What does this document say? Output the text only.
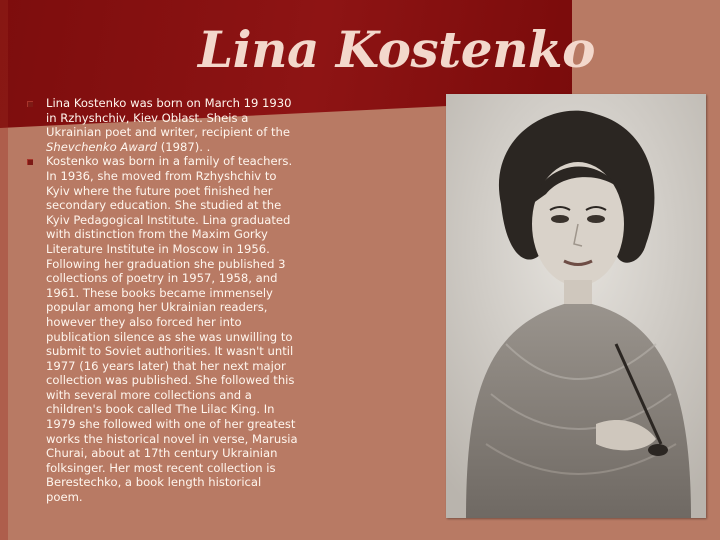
Lina Kostenko
Lina Kostenko was born on March 19 1930 in Rzhyshchiv, Kiev Oblast. Sheis a Ukrainian poet and writer, recipient of the Shevchenko Award (1987). .
Kostenko was born in a family of teachers. In 1936, she moved from Rzhyshchiv to Kyiv where the future poet finished her secondary education. She studied at the Kyiv Pedagogical Institute. Lina graduated with distinction from the Maxim Gorky Literature Institute in Moscow in 1956. Following her graduation she published 3 collections of poetry in 1957, 1958, and 1961. These books became immensely popular among her Ukrainian readers, however they also forced her into publication silence as she was unwilling to submit to Soviet authorities. It wasn't until 1977 (16 years later) that her next major collection was published. She followed this with several more collections and a children's book called The Lilac King. In 1979 she followed with one of her greatest works the historical novel in verse, Marusia Churai, about at 17th century Ukrainian folksinger. Her most recent collection is Berestechko, a book length historical poem.
